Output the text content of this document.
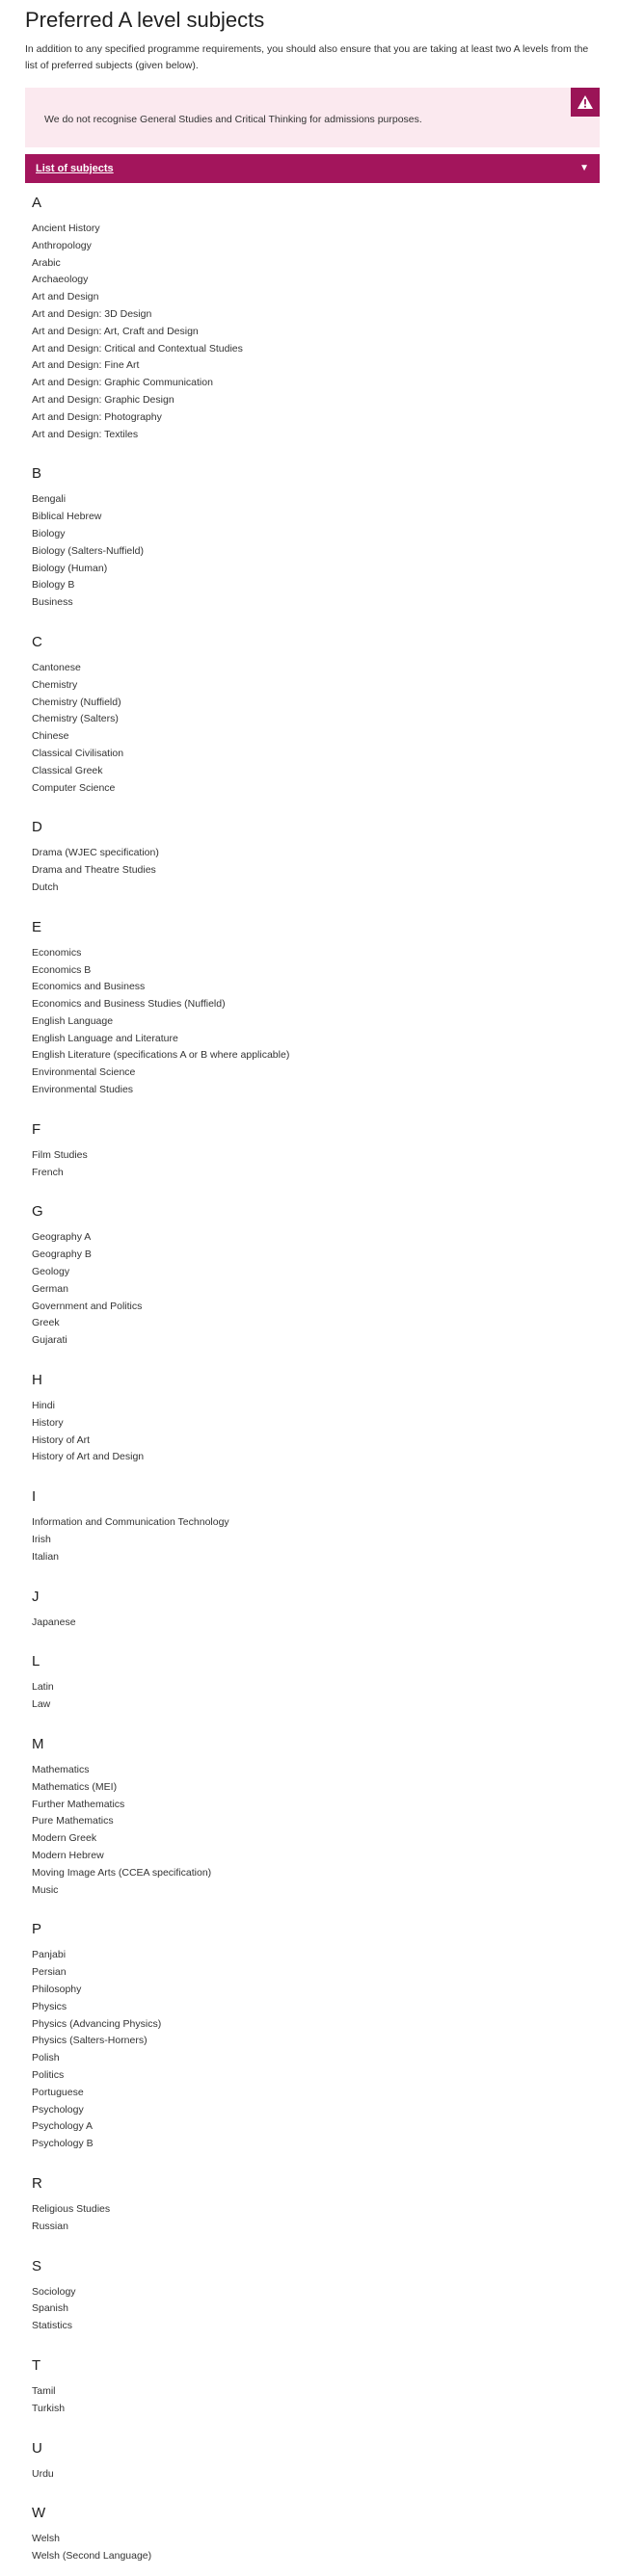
Preferred A level subjects

In addition to any specified programme requirements, you should also ensure that you are taking at least two A levels from the list of preferred subjects (given below).

We do not recognise General Studies and Critical Thinking for admissions purposes.
List of subjects	▼
A
Ancient History
Anthropology
Arabic
Archaeology
Art and Design
Art and Design: 3D Design
Art and Design: Art, Craft and Design
Art and Design: Critical and Contextual Studies
Art and Design: Fine Art
Art and Design: Graphic Communication
Art and Design: Graphic Design
Art and Design: Photography
Art and Design: Textiles
B
Bengali
Biblical Hebrew
Biology
Biology (Salters-Nuffield)
Biology (Human)
Biology B
Business
C
Cantonese
Chemistry
Chemistry (Nuffield)
Chemistry (Salters)
Chinese
Classical Civilisation
Classical Greek
Computer Science
D
Drama (WJEC specification)
Drama and Theatre Studies
Dutch
E
Economics
Economics B
Economics and Business
Economics and Business Studies (Nuffield)
English Language
English Language and Literature
English Literature (specifications A or B where applicable)
Environmental Science
Environmental Studies
F
Film Studies
French
G
Geography A
Geography B
Geology
German
Government and Politics
Greek
Gujarati
H
Hindi
History
History of Art
History of Art and Design
I
Information and Communication Technology
Irish
Italian
J
Japanese
L
Latin
Law
M
Mathematics
Mathematics (MEI)
Further Mathematics
Pure Mathematics
Modern Greek
Modern Hebrew
Moving Image Arts (CCEA specification)
Music
P
Panjabi
Persian
Philosophy
Physics
Physics (Advancing Physics)
Physics (Salters-Horners)
Polish
Politics
Portuguese
Psychology
Psychology A
Psychology B
R
Religious Studies
Russian
S
Sociology
Spanish
Statistics
T
Tamil
Turkish
U
Urdu
W
Welsh
Welsh (Second Language)
